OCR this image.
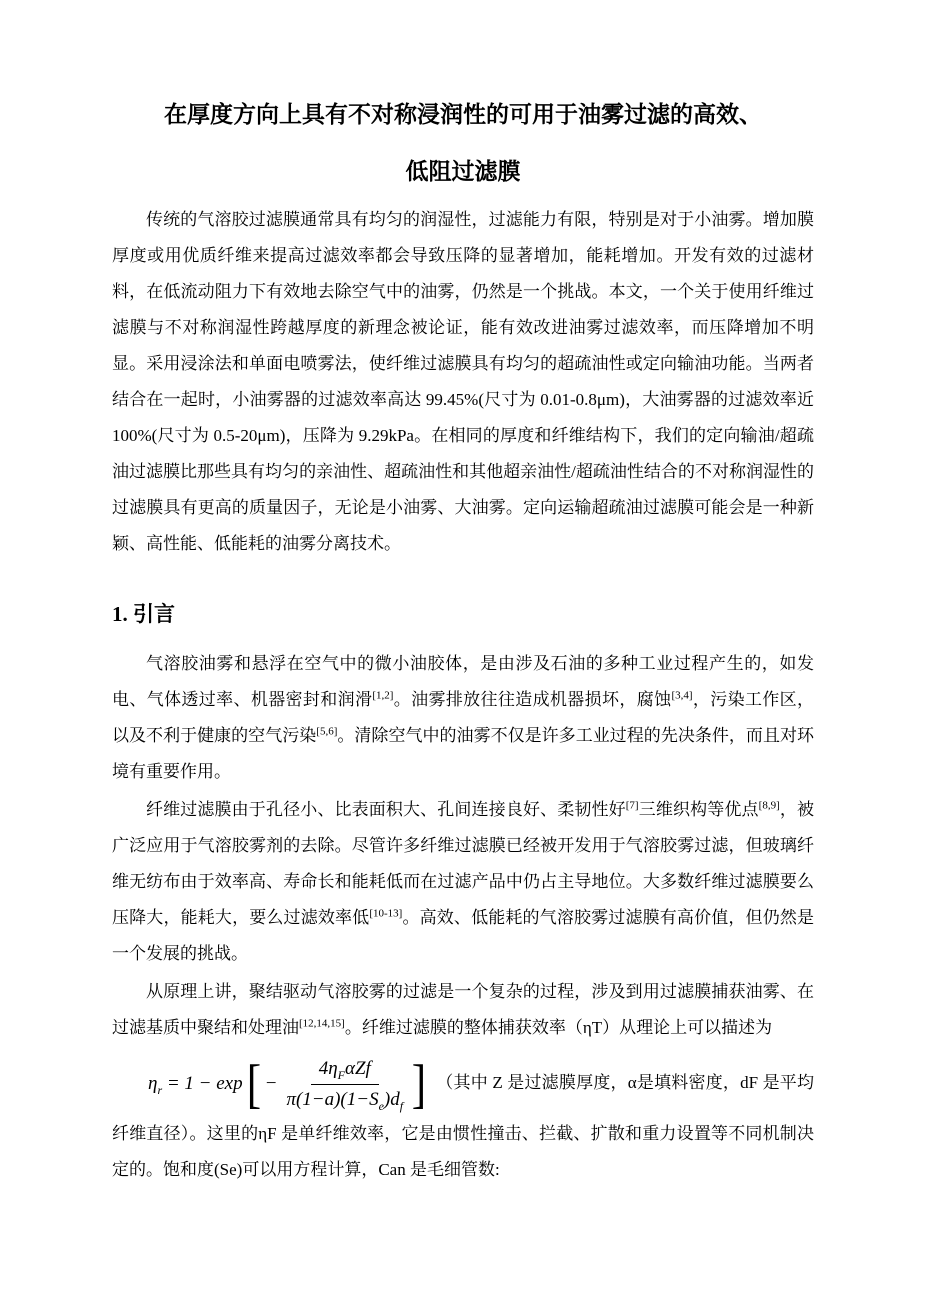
在厚度方向上具有不对称浸润性的可用于油雾过滤的高效、
低阻过滤膜

传统的气溶胶过滤膜通常具有均匀的润湿性，过滤能力有限，特别是对于小油雾。增加膜厚度或用优质纤维来提高过滤效率都会导致压降的显著增加，能耗增加。开发有效的过滤材料，在低流动阻力下有效地去除空气中的油雾，仍然是一个挑战。本文，一个关于使用纤维过滤膜与不对称润湿性跨越厚度的新理念被论证，能有效改进油雾过滤效率，而压降增加不明显。采用浸涂法和单面电喷雾法，使纤维过滤膜具有均匀的超疏油性或定向输油功能。当两者结合在一起时，小油雾器的过滤效率高达 99.45%(尺寸为 0.01-0.8μm)，大油雾器的过滤效率近 100%(尺寸为 0.5-20μm)，压降为 9.29kPa。在相同的厚度和纤维结构下，我们的定向输油/超疏油过滤膜比那些具有均匀的亲油性、超疏油性和其他超亲油性/超疏油性结合的不对称润湿性的过滤膜具有更高的质量因子，无论是小油雾、大油雾。定向运输超疏油过滤膜可能会是一种新颖、高性能、低能耗的油雾分离技术。

1. 引言

气溶胶油雾和悬浮在空气中的微小油胶体，是由涉及石油的多种工业过程产生的，如发电、气体透过率、机器密封和润滑[1,2]。油雾排放往往造成机器损坏，腐蚀[3,4]，污染工作区，以及不利于健康的空气污染[5,6]。清除空气中的油雾不仅是许多工业过程的先决条件，而且对环境有重要作用。

纤维过滤膜由于孔径小、比表面积大、孔间连接良好、柔韧性好[7]三维织构等优点[8,9]，被广泛应用于气溶胶雾剂的去除。尽管许多纤维过滤膜已经被开发用于气溶胶雾过滤，但玻璃纤维无纺布由于效率高、寿命长和能耗低而在过滤产品中仍占主导地位。大多数纤维过滤膜要么压降大，能耗大，要么过滤效率低[10-13]。高效、低能耗的气溶胶雾过滤膜有高价值，但仍然是一个发展的挑战。

从原理上讲，聚结驱动气溶胶雾的过滤是一个复杂的过程，涉及到用过滤膜捕获油雾、在过滤基质中聚结和处理油[12,14,15]。纤维过滤膜的整体捕获效率（ηT）从理论上可以描述为

$\eta_r = 1 - \exp$ [ − $\frac{4\eta_F\alpha Zf}{\pi(1-a)(1-S_e)d_f}$ ] （其中 Z 是过滤膜厚度，α是填料密度，dF 是平均纤维直径）。这里的ηF 是单纤维效率，它是由惯性撞击、拦截、扩散和重力设置等不同机制决定的。饱和度(Se)可以用方程计算，Can 是毛细管数:
